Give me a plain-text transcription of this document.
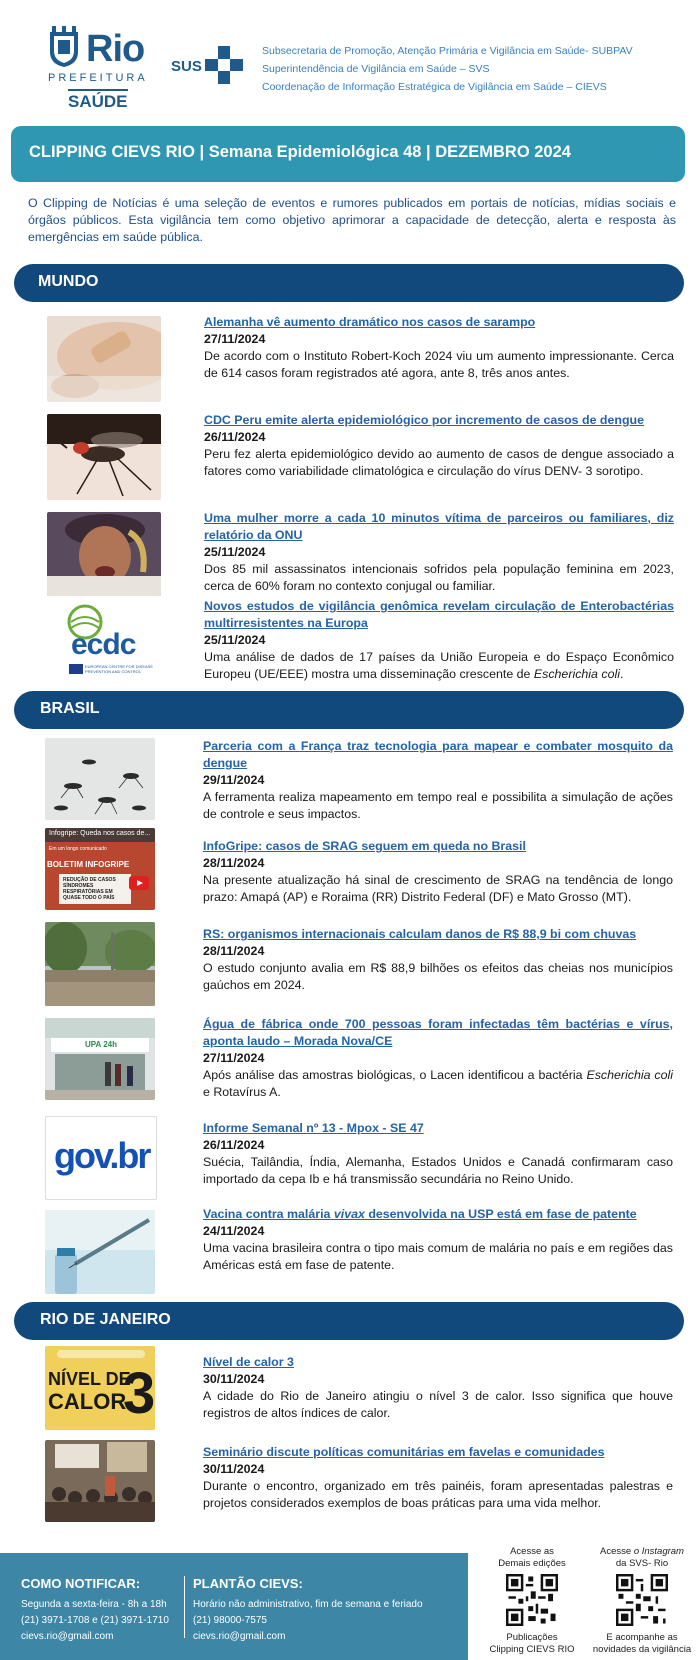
Rio
PREFEITURA
SAÚDE
SUS
Subsecretaria de Promoção, Atenção Primária e Vigilância em Saúde- SUBPAV
Superintendência de Vigilância em Saúde – SVS
Coordenação de Informação Estratégica de Vigilância em Saúde – CIEVS
CLIPPING CIEVS RIO | Semana Epidemiológica 48 | DEZEMBRO 2024
O Clipping de Notícias é uma seleção de eventos e rumores publicados em portais de notícias, mídias sociais e órgãos públicos. Esta vigilância tem como objetivo aprimorar a capacidade de detecção, alerta e resposta às emergências em saúde pública.
MUNDO
Alemanha vê aumento dramático nos casos de sarampo
27/11/2024
De acordo com o Instituto Robert-Koch 2024 viu um aumento impressionante. Cerca de 614 casos foram registrados até agora, ante 8, três anos antes.
CDC Peru emite alerta epidemiológico por incremento de casos de dengue
26/11/2024
Peru fez alerta epidemiológico devido ao aumento de casos de dengue associado a fatores como variabilidade climatológica e circulação do vírus DENV- 3 sorotipo.
Uma mulher morre a cada 10 minutos vítima de parceiros ou familiares, diz relatório da ONU
25/11/2024
Dos 85 mil assassinatos intencionais sofridos pela população feminina em 2023, cerca de 60% foram no contexto conjugal ou familiar.
ecdc
EUROPEAN CENTRE FOR DISEASE PREVENTION AND CONTROL
Novos estudos de vigilância genômica revelam circulação de Enterobactérias multirresistentes na Europa
25/11/2024
Uma análise de dados de 17 países da União Europeia e do Espaço Econômico Europeu (UE/EEE) mostra uma disseminação crescente de Escherichia coli.
BRASIL
Parceria com a França traz tecnologia para mapear e combater mosquito da dengue
29/11/2024
A ferramenta realiza mapeamento em tempo real e possibilita a simulação de ações de controle e seus impactos.
Infogripe: Queda nos casos de...
Em um longo comunicado
BOLETIM INFOGRIPE
REDUÇÃO DE CASOS SÍNDROMES RESPIRATÓRIAS EM QUASE TODO O PAÍS
InfoGripe: casos de SRAG seguem em queda no Brasil
28/11/2024
Na presente atualização há sinal de crescimento de SRAG na tendência de longo prazo: Amapá (AP) e Roraima (RR) Distrito Federal (DF) e Mato Grosso (MT).
RS: organismos internacionais calculam danos de R$ 88,9 bi com chuvas
28/11/2024
O estudo conjunto avalia em R$ 88,9 bilhões os efeitos das cheias nos municípios gaúchos em 2024.
UPA 24h
Água de fábrica onde 700 pessoas foram infectadas têm bactérias e vírus, aponta laudo – Morada Nova/CE
27/11/2024
Após análise das amostras biológicas, o Lacen identificou a bactéria Escherichia coli e Rotavírus A.
gov.br
Informe Semanal nº 13 - Mpox - SE 47
26/11/2024
Suécia, Tailândia, Índia, Alemanha, Estados Unidos e Canadá confirmaram caso importado da cepa Ib e há transmissão secundária no Reino Unido.
Vacina contra malária vivax desenvolvida na USP está em fase de patente
24/11/2024
Uma vacina brasileira contra o tipo mais comum de malária no país e em regiões das Américas está em fase de patente.
RIO DE JANEIRO
NÍVEL DE
CALOR
3	Nível de calor 3
30/11/2024
A cidade do Rio de Janeiro atingiu o nível 3 de calor. Isso significa que houve registros de altos índices de calor.
Seminário discute políticas comunitárias em favelas e comunidades
30/11/2024
Durante o encontro, organizado em três painéis, foram apresentadas palestras e projetos considerados exemplos de boas práticas para uma vida melhor.
COMO NOTIFICAR:
Segunda a sexta-feira - 8h a 18h
(21) 3971-1708 e (21) 3971-1710
cievs.rio@gmail.com
PLANTÃO CIEVS:
Horário não administrativo, fim de semana e feriado
(21) 98000-7575
cievs.rio@gmail.com
Acesse as
Demais edições
Publicações
Clipping CIEVS RIO
Acesse o Instagram
da SVS- Rio
E acompanhe as
novidades da vigilância
